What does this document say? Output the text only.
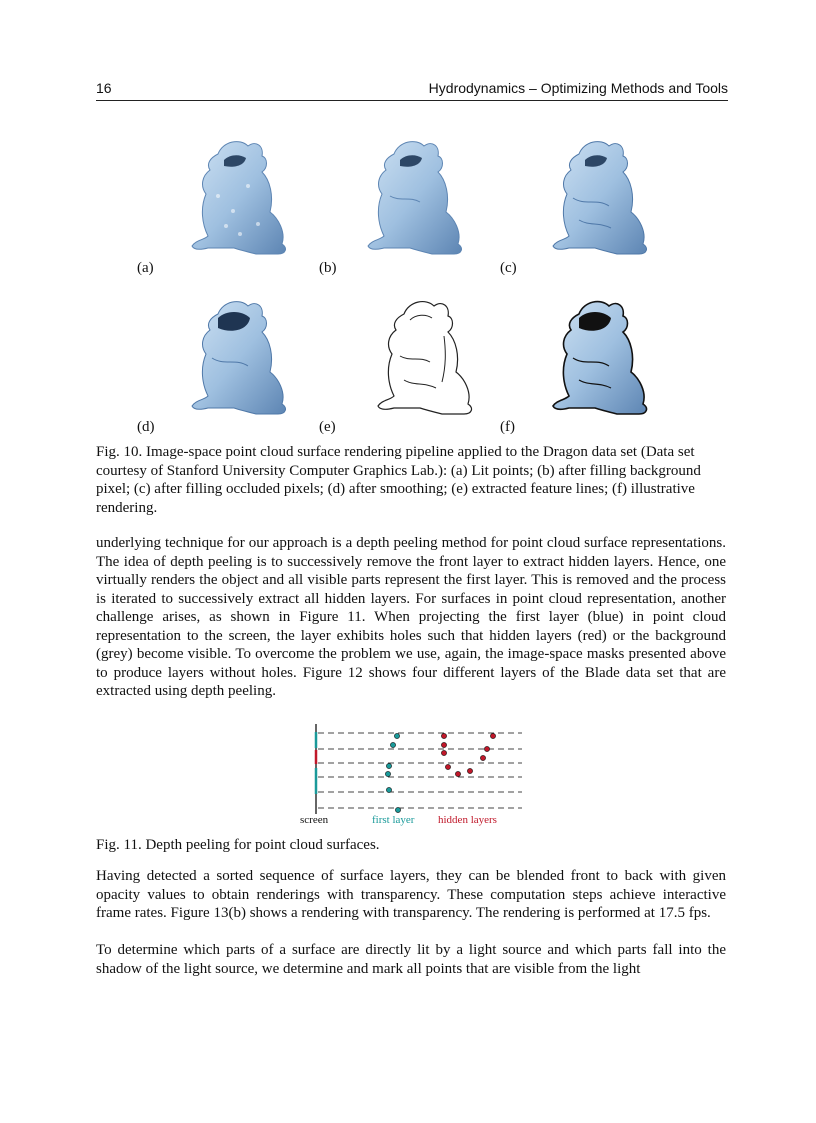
16	Hydrodynamics – Optimizing Methods and Tools
(a)	(b)	(c)
(d)	(e)	(f)
Fig. 10. Image-space point cloud surface rendering pipeline applied to the Dragon data set (Data set courtesy of Stanford University Computer Graphics Lab.): (a) Lit points; (b) after filling background pixel; (c) after filling occluded pixels; (d) after smoothing; (e) extracted feature lines; (f) illustrative rendering.
underlying technique for our approach is a depth peeling method for point cloud surface representations. The idea of depth peeling is to successively remove the front layer to extract hidden layers. Hence, one virtually renders the object and all visible parts represent the first layer. This is removed and the process is iterated to successively extract all hidden layers. For surfaces in point cloud representation, another challenge arises, as shown in Figure 11. When projecting the first layer (blue) in point cloud representation to the screen, the layer exhibits holes such that hidden layers (red) or the background (grey) become visible. To overcome the problem we use, again, the image-space masks presented above to produce layers without holes. Figure 12 shows four different layers of the Blade data set that are extracted using depth peeling.
screen	first layer hidden layers
Fig. 11. Depth peeling for point cloud surfaces.
Having detected a sorted sequence of surface layers, they can be blended front to back with given opacity values to obtain renderings with transparency. These computation steps achieve interactive frame rates. Figure 13(b) shows a rendering with transparency. The rendering is performed at 17.5 fps.
To determine which parts of a surface are directly lit by a light source and which parts fall into the shadow of the light source, we determine and mark all points that are visible from the light
